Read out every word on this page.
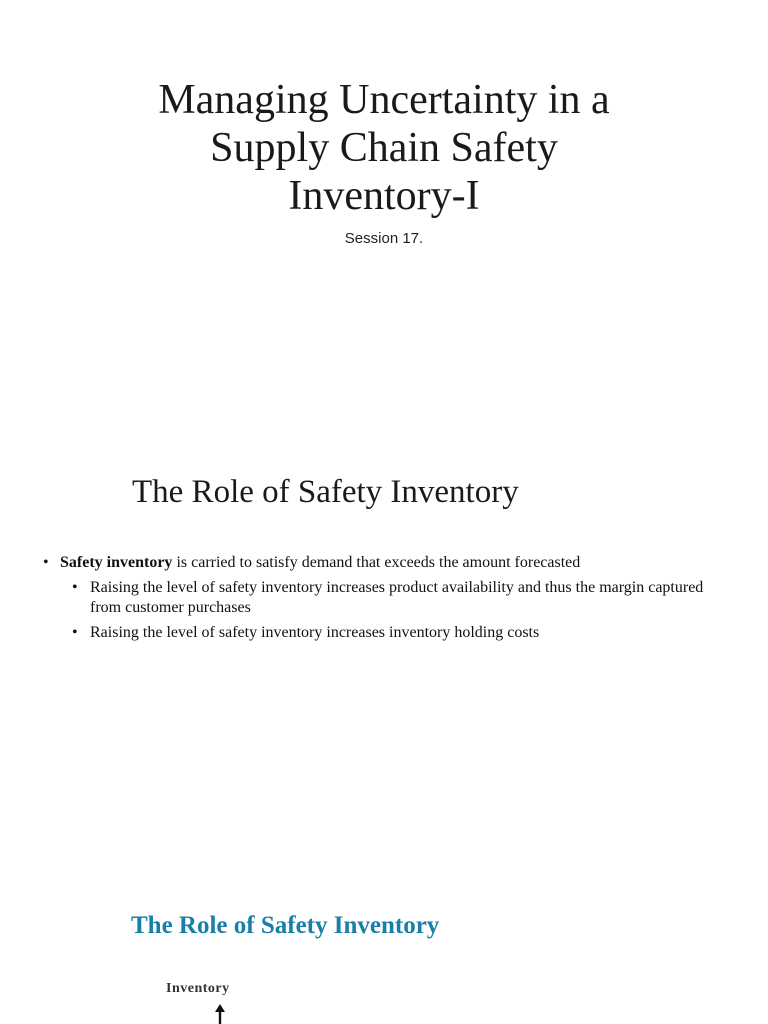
Managing Uncertainty in a
Supply Chain Safety
Inventory-I
Session 17.
The Role of Safety Inventory
• Safety inventory is carried to satisfy demand that exceeds the amount forecasted
• Raising the level of safety inventory increases product availability and thus the margin captured from customer purchases
• Raising the level of safety inventory increases inventory holding costs
The Role of Safety Inventory
Inventory
